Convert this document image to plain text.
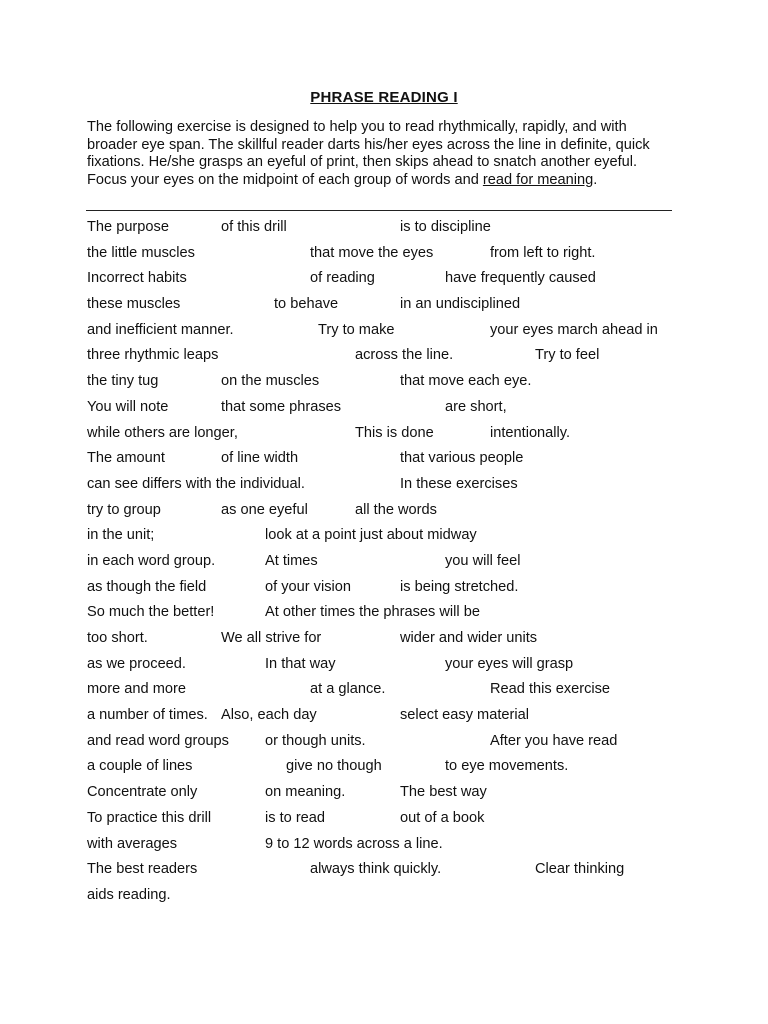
PHRASE READING I
The following exercise is designed to help you to read rhythmically, rapidly, and with
broader eye span. The skillful reader darts his/her eyes across the line in definite, quick
fixations. He/she grasps an eyeful of print, then skips ahead to snatch another eyeful.
Focus your eyes on the midpoint of each group of words and read for meaning.
The purpose	of this drill	is to discipline
the little muscles	that move the eyes	from left to right.
Incorrect habits	of reading	have frequently caused
these muscles	to behave	in an undisciplined
and inefficient manner.	Try to make	your eyes march ahead in
three rhythmic leaps	across the line.	Try to feel
the tiny tug	on the muscles	that move each eye.
You will note	that some phrases	are short,
while others are longer,	This is done	intentionally.
The amount	of line width	that various people
can see differs with the individual.	In these exercises
try to group	as one eyeful	all the words
in the unit;	look at a point just about midway
in each word group.	At times	you will feel
as though the field	of your vision	is being stretched.
So much the better!	At other times the phrases will be
too short.	We all strive for	wider and wider units
as we proceed.	In that way	your eyes will grasp
more and more	at a glance.	Read this exercise
a number of times. Also, each day	select easy material
and read word groups or though units.	After you have read
a couple of lines	give no though	to eye movements.
Concentrate only	on meaning.	The best way
To practice this drill	is to read	out of a book
with averages	9 to 12 words across a line.
The best readers	always think quickly.	Clear thinking
aids reading.
